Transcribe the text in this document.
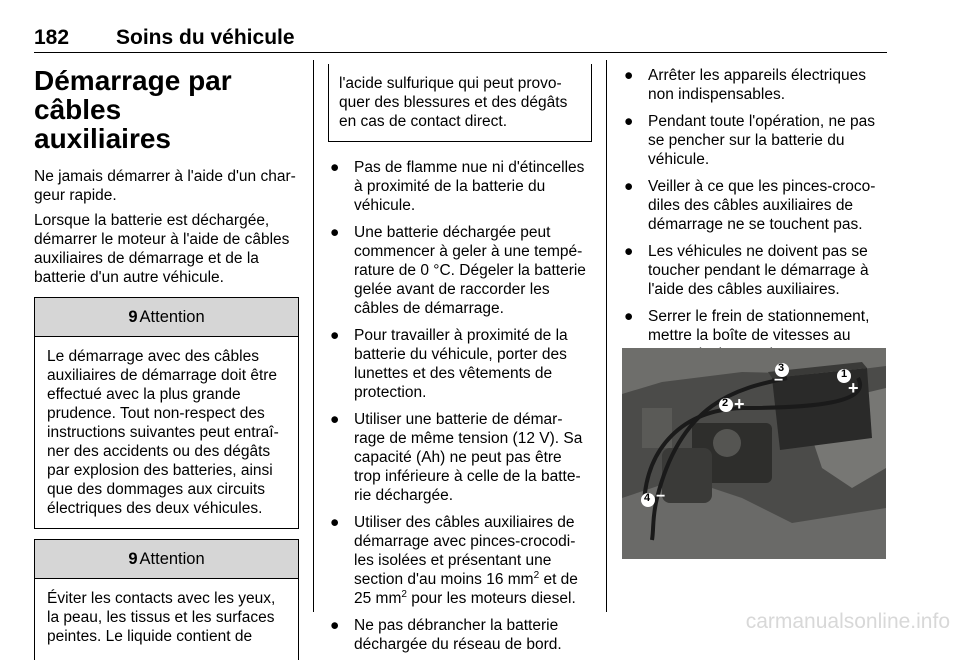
182 Soins du véhicule
Démarrage par câbles
auxiliaires

Ne jamais démarrer à l'aide d'un char-geur rapide.

Lorsque la batterie est déchargée, démarrer le moteur à l'aide de câbles auxiliaires de démarrage et de la batterie d'un autre véhicule.

9 Attention
Le démarrage avec des câbles auxiliaires de démarrage doit être effectué avec la plus grande prudence. Tout non-respect des instructions suivantes peut entraî-ner des accidents ou des dégâts par explosion des batteries, ainsi que des dommages aux circuits électriques des deux véhicules.
9 Attention
Éviter les contacts avec les yeux, la peau, les tissus et les surfaces peintes. Le liquide contient de
l'acide sulfurique qui peut provo-quer des blessures et des dégâts en cas de contact direct.
● Pas de flamme nue ni d'étincelles à proximité de la batterie du véhicule.
● Une batterie déchargée peut commencer à geler à une tempé-rature de 0 °C. Dégeler la batterie gelée avant de raccorder les câbles de démarrage.
● Pour travailler à proximité de la batterie du véhicule, porter des lunettes et des vêtements de protection.
● Utiliser une batterie de démar-rage de même tension (12 V). Sa capacité (Ah) ne peut pas être trop inférieure à celle de la batte-rie déchargée.
● Utiliser des câbles auxiliaires de démarrage avec pinces-crocodi-les isolées et présentant une section d'au moins 16 $mm^2$ et de 25 $mm^2$ pour les moteurs diesel.
● Ne pas débrancher la batterie déchargée du réseau de bord.
● Arrêter les appareils électriques non indispensables.
● Pendant toute l'opération, ne pas se pencher sur la batterie du véhicule.
● Veiller à ce que les pinces-croco-diles des câbles auxiliaires de démarrage ne se touchent pas.
● Les véhicules ne doivent pas se toucher pendant le démarrage à l'aide des câbles auxiliaires.
● Serrer le frein de stationnement, mettre la boîte de vitesses au
3
−	1
+
2 +
4 −
carmanualsonline.info
